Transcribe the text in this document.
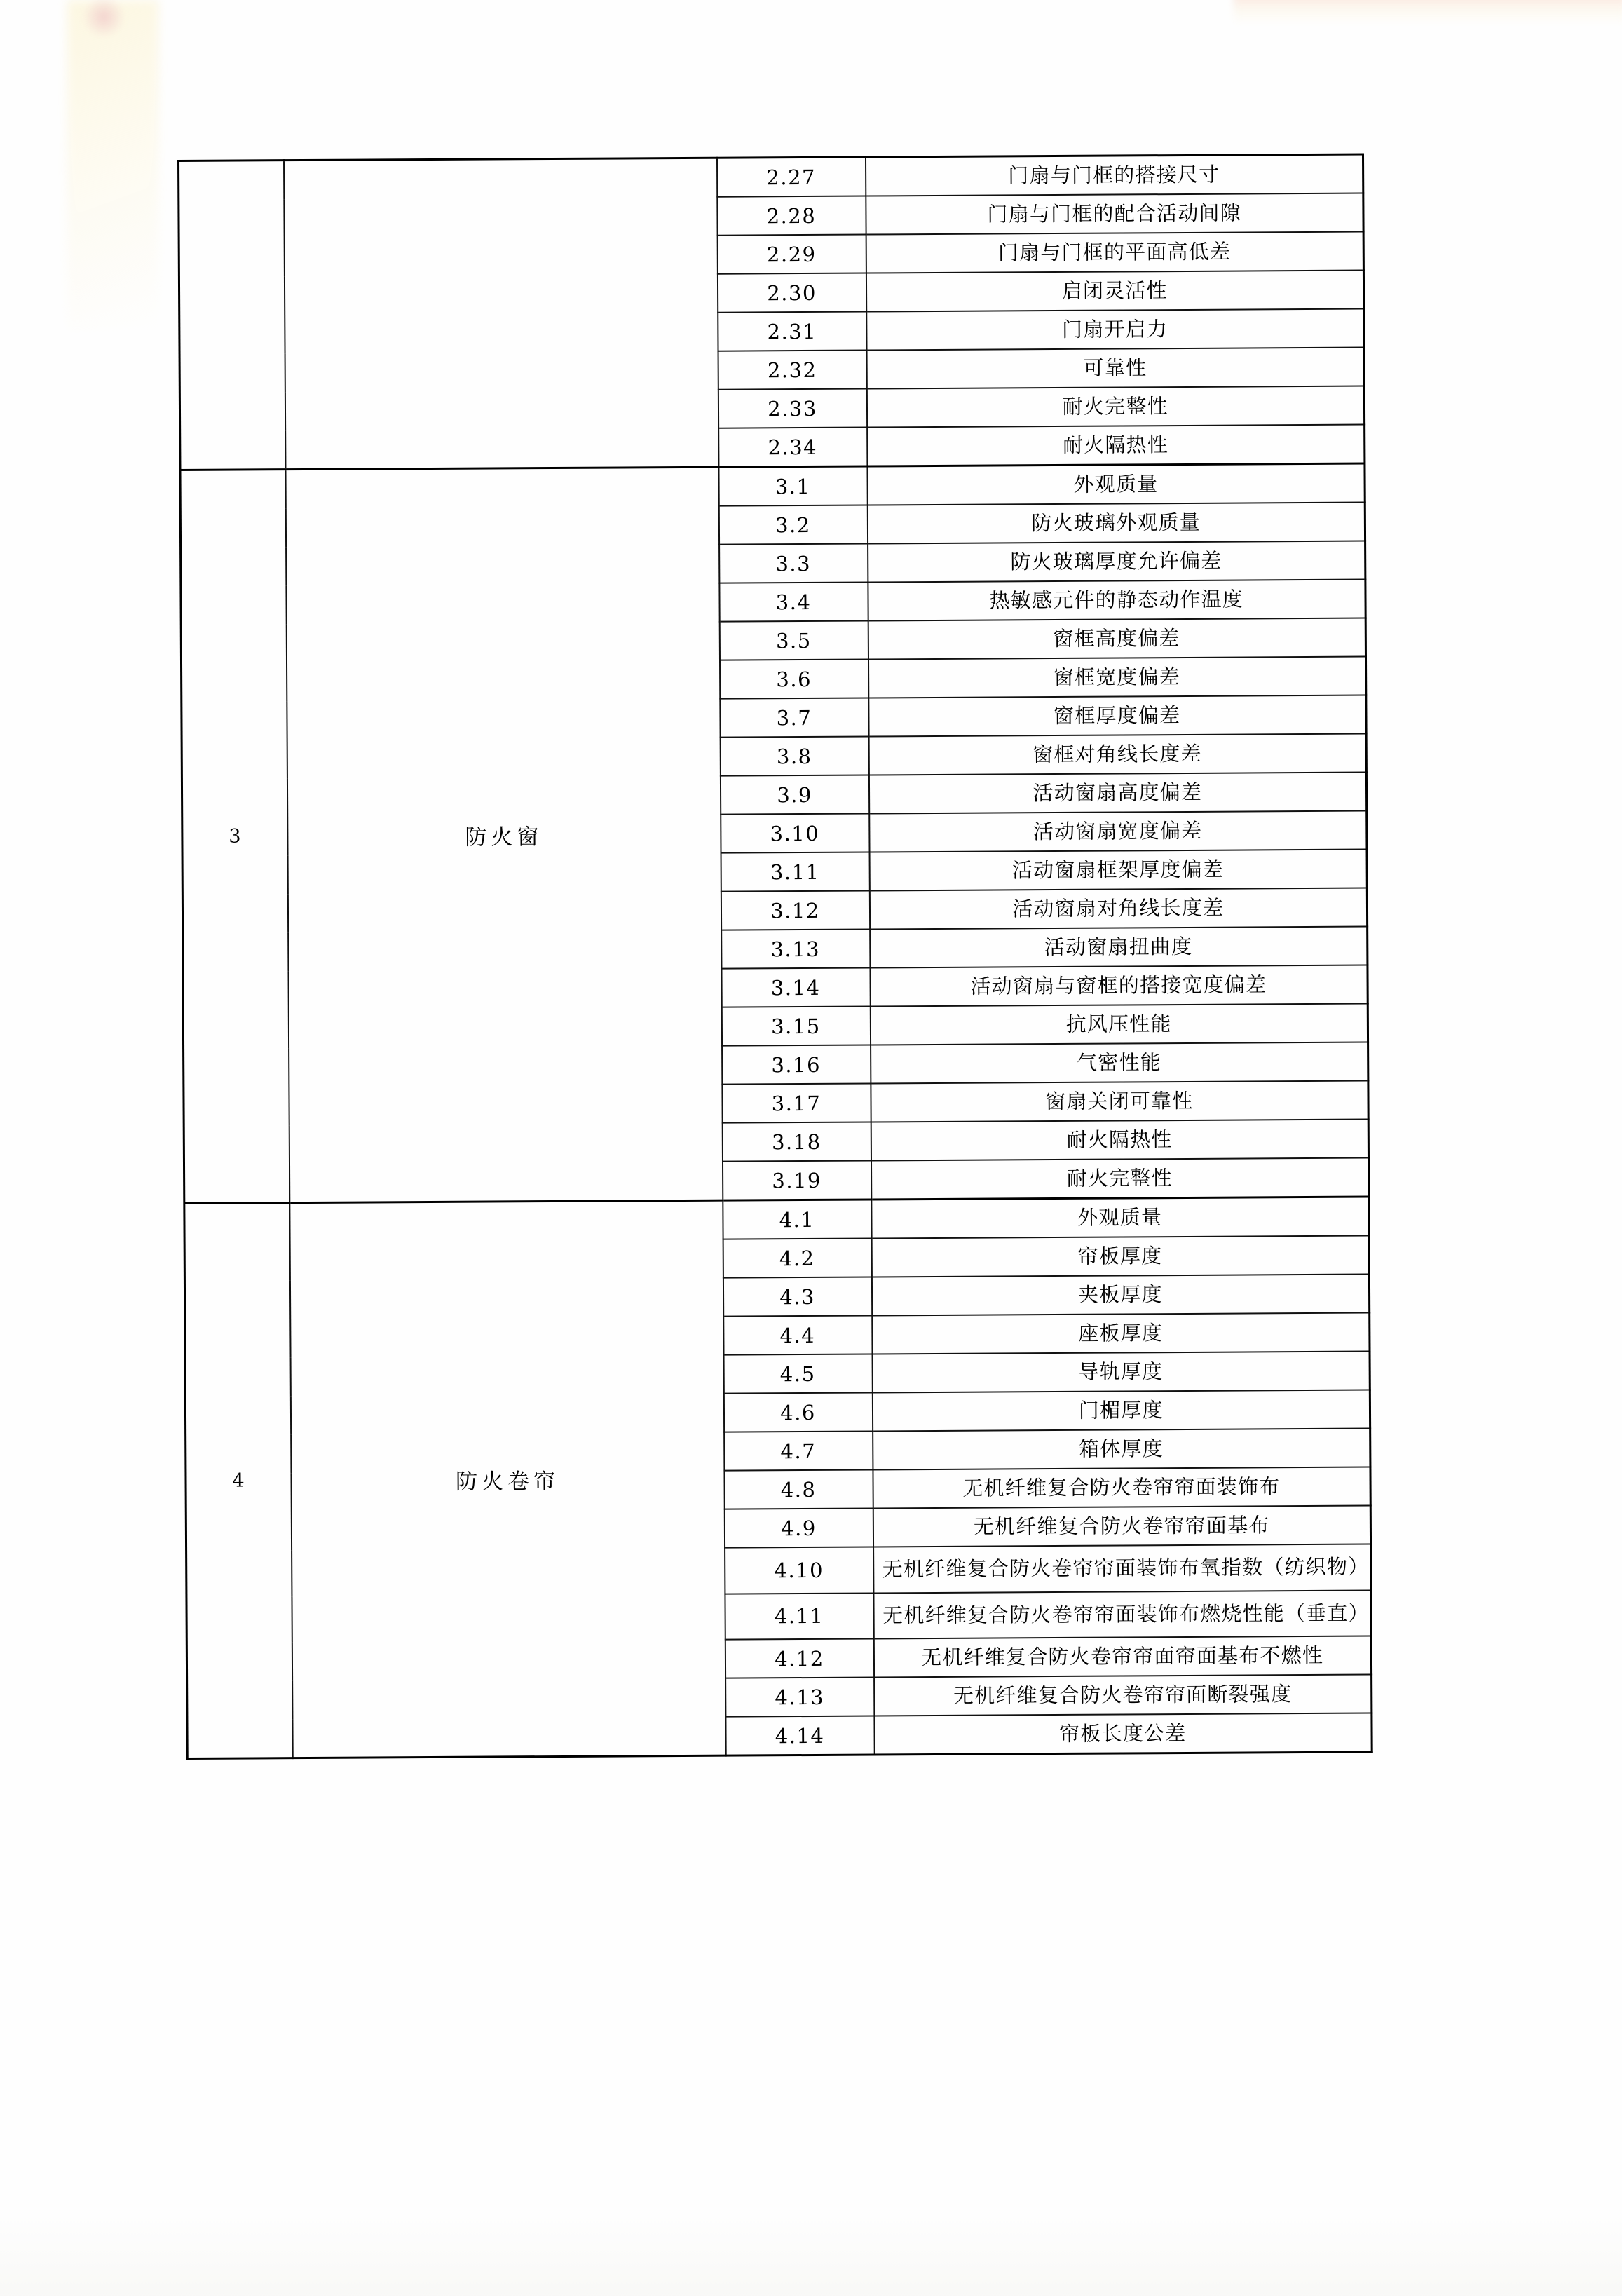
		2.27	门扇与门框的搭接尺寸
		2.28	门扇与门框的配合活动间隙
		2.29	门扇与门框的平面高低差
		2.30	启闭灵活性
		2.31	门扇开启力
		2.32	可靠性
		2.33	耐火完整性
		2.34	耐火隔热性
3	防火窗	3.1	外观质量
		3.2	防火玻璃外观质量
		3.3	防火玻璃厚度允许偏差
		3.4	热敏感元件的静态动作温度
		3.5	窗框高度偏差
		3.6	窗框宽度偏差
		3.7	窗框厚度偏差
		3.8	窗框对角线长度差
		3.9	活动窗扇高度偏差
		3.10	活动窗扇宽度偏差
		3.11	活动窗扇框架厚度偏差
		3.12	活动窗扇对角线长度差
		3.13	活动窗扇扭曲度
		3.14	活动窗扇与窗框的搭接宽度偏差
		3.15	抗风压性能
		3.16	气密性能
		3.17	窗扇关闭可靠性
		3.18	耐火隔热性
		3.19	耐火完整性
4	防火卷帘	4.1	外观质量
		4.2	帘板厚度
		4.3	夹板厚度
		4.4	座板厚度
		4.5	导轨厚度
		4.6	门楣厚度
		4.7	箱体厚度
		4.8	无机纤维复合防火卷帘帘面装饰布
		4.9	无机纤维复合防火卷帘帘面基布
		4.10	无机纤维复合防火卷帘帘面装饰布氧指数（纺织物）
		4.11	无机纤维复合防火卷帘帘面装饰布燃烧性能（垂直）
		4.12	无机纤维复合防火卷帘帘面帘面基布不燃性
		4.13	无机纤维复合防火卷帘帘面断裂强度
		4.14	帘板长度公差
